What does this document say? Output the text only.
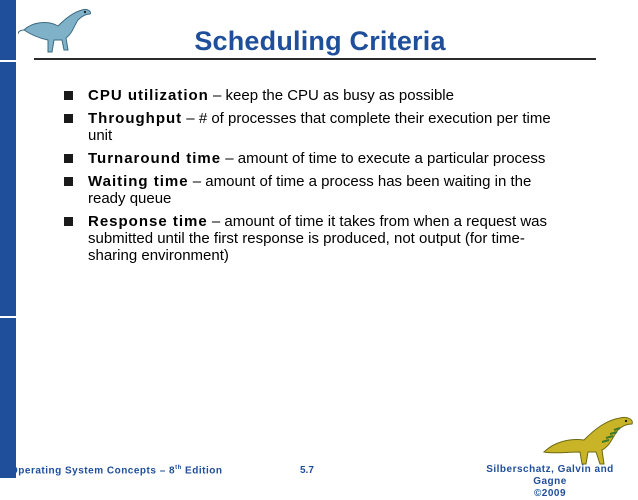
Scheduling Criteria
CPU utilization – keep the CPU as busy as possible
Throughput – # of processes that complete their execution per time unit
Turnaround time – amount of time to execute a particular process
Waiting time – amount of time a process has been waiting in the ready queue
Response time – amount of time it takes from when a request was submitted until the first response is produced, not output (for time-sharing environment)
Operating System Concepts – 8th Edition	5.7	Silberschatz, Galvin and Gagne
©2009
